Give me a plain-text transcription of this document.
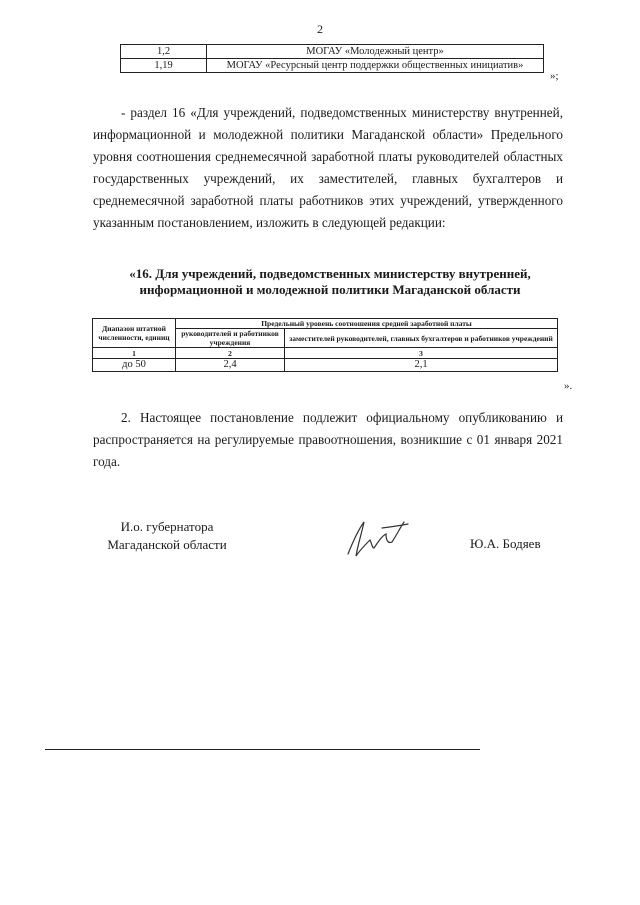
2
1,2	МОГАУ «Молодежный центр»
1,19	МОГАУ «Ресурсный центр поддержки общественных инициатив»
»;
- раздел 16 «Для учреждений, подведомственных министерству внутренней, информационной и молодежной политики Магаданской области» Предельного уровня соотношения среднемесячной заработной платы руководителей областных государственных учреждений, их заместителей, главных бухгалтеров и среднемесячной заработной платы работников этих учреждений, утвержденного указанным постановлением, изложить в следующей редакции:
«16. Для учреждений, подведомственных министерству внутренней, информационной и молодежной политики Магаданской области
Диапазон штатной численности, единиц	Предельный уровень соотношения средней заработной платы	
	руководителей и работников учреждения	заместителей руководителей, главных бухгалтеров и работников учреждений
1	2	3
до 50	2,4	2,1
».
2. Настоящее постановление подлежит официальному опубликованию и распространяется на регулируемые правоотношения, возникшие с 01 января 2021 года.
И.о. губернатора
Магаданской области	Ю.А. Бодяев
